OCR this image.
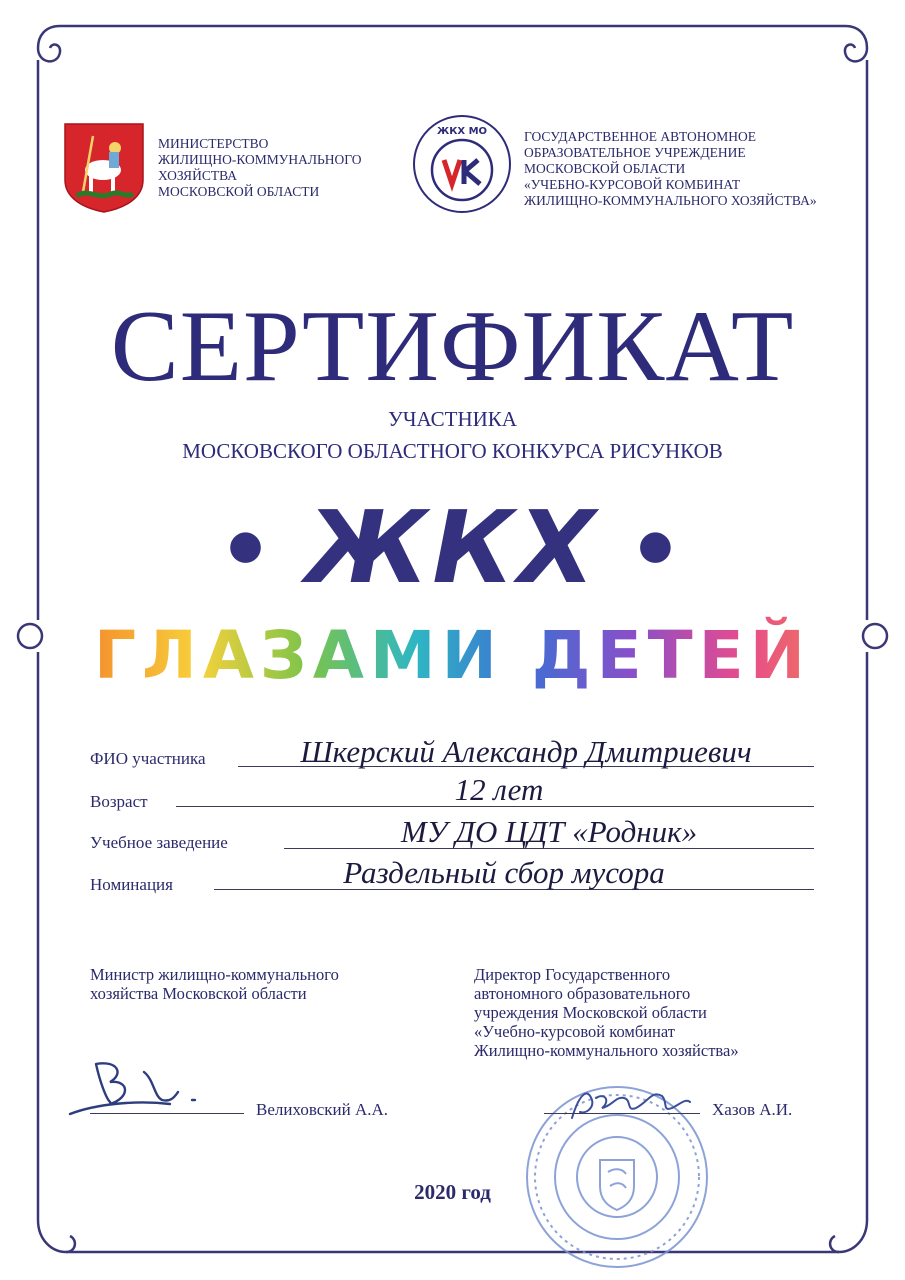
МИНИСТЕРСТВО
ЖИЛИЩНО-КОММУНАЛЬНОГО
ХОЗЯЙСТВА
МОСКОВСКОЙ ОБЛАСТИ
ЖКХ МО	ГОСУДАРСТВЕННОЕ АВТОНОМНОЕ
ОБРАЗОВАТЕЛЬНОЕ УЧРЕЖДЕНИЕ
МОСКОВСКОЙ ОБЛАСТИ
«УЧЕБНО-КУРСОВОЙ КОМБИНАТ
ЖИЛИЩНО-КОММУНАЛЬНОГО ХОЗЯЙСТВА»
СЕРТИФИКАТ
УЧАСТНИКА
МОСКОВСКОГО ОБЛАСТНОГО КОНКУРСА РИСУНКОВ
● ЖКХ ●
ГЛАЗАМИ ДЕТЕЙ
ФИО участника	Шкерский Александр Дмитриевич
Возраст	12 лет
Учебное заведение	МУ ДО ЦДТ «Родник»
Номинация	Раздельный сбор мусора
Министр жилищно-коммунального
хозяйства Московской области
Велиховский А.А.
Директор Государственного
автономного образовательного
учреждения Московской области
«Учебно-курсовой комбинат
Жилищно-коммунального хозяйства»
Хазов А.И.
2020 год
